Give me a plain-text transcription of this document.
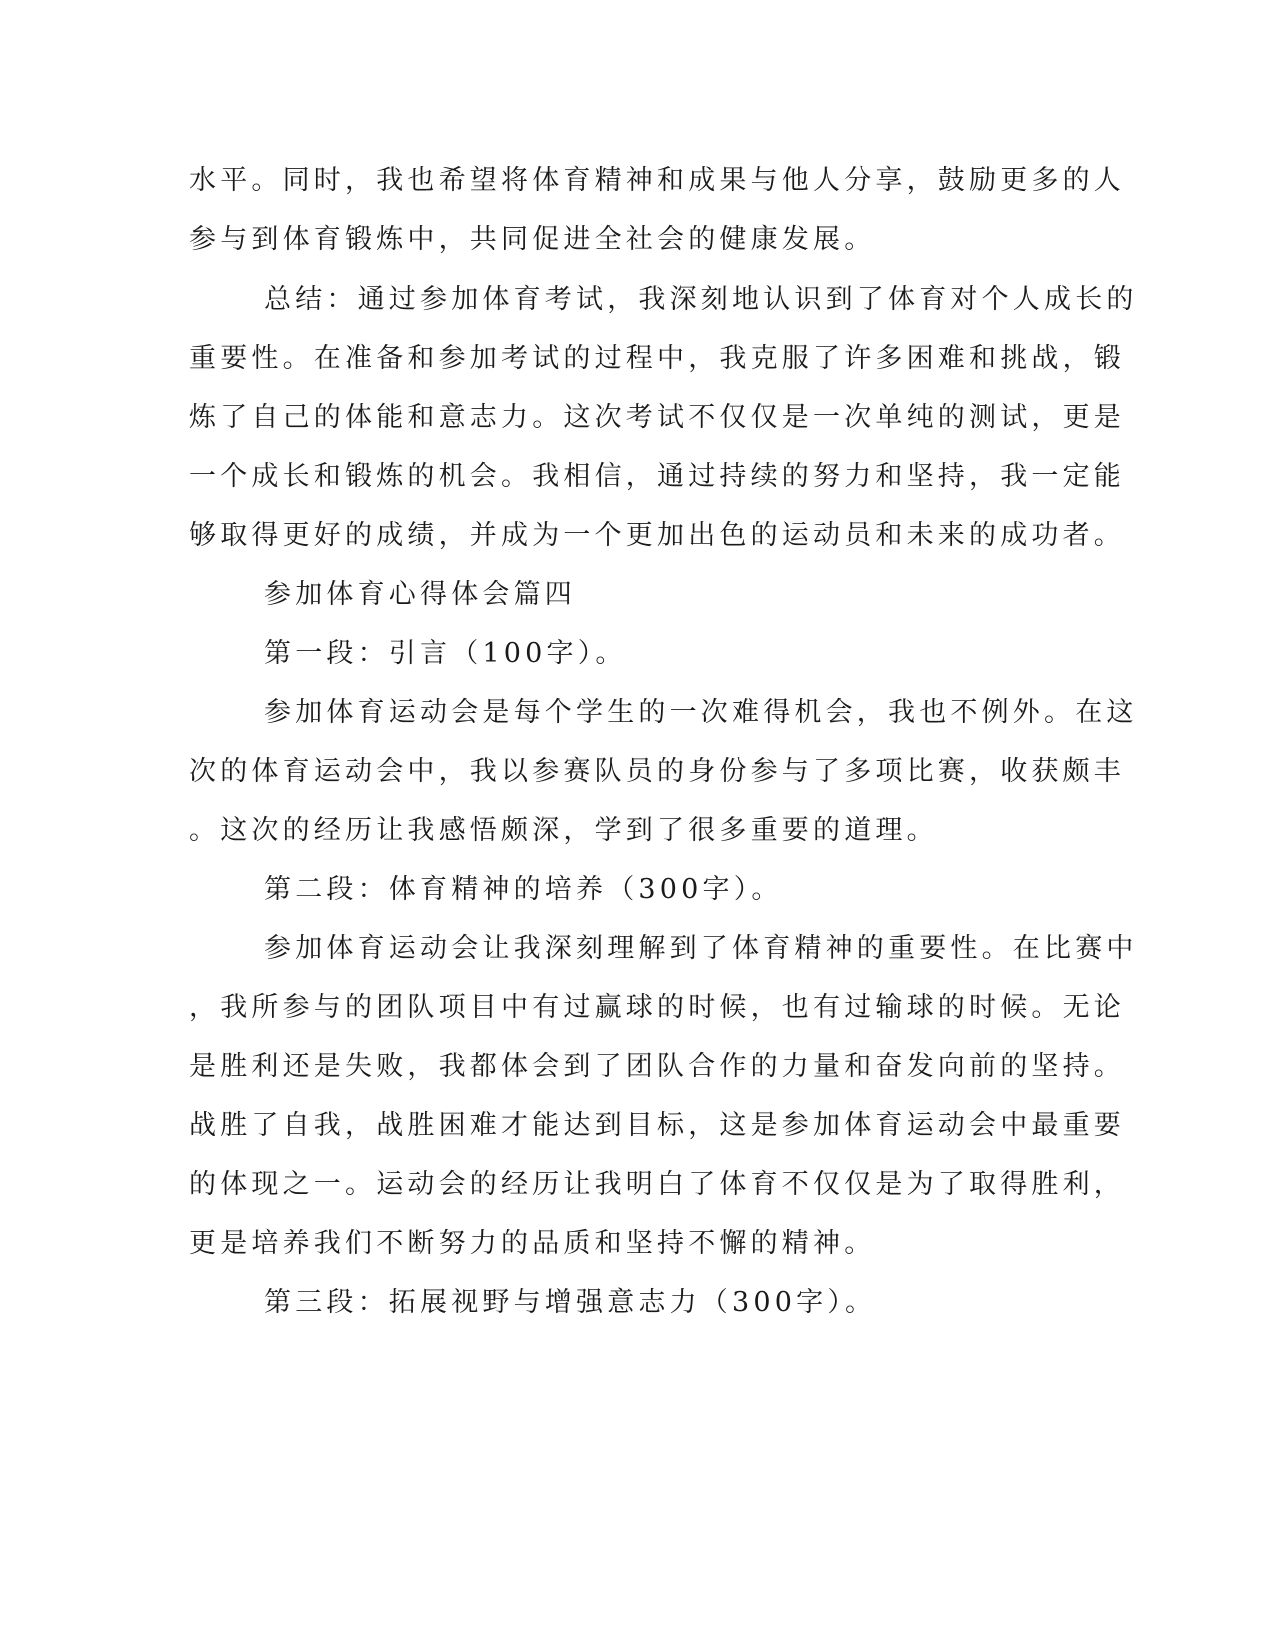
水平。同时，我也希望将体育精神和成果与他人分享，鼓励更多的人
参与到体育锻炼中，共同促进全社会的健康发展。
总结：通过参加体育考试，我深刻地认识到了体育对个人成长的
重要性。在准备和参加考试的过程中，我克服了许多困难和挑战，锻
炼了自己的体能和意志力。这次考试不仅仅是一次单纯的测试，更是
一个成长和锻炼的机会。我相信，通过持续的努力和坚持，我一定能
够取得更好的成绩，并成为一个更加出色的运动员和未来的成功者。
参加体育心得体会篇四
第一段：引言（100字）。
参加体育运动会是每个学生的一次难得机会，我也不例外。在这
次的体育运动会中，我以参赛队员的身份参与了多项比赛，收获颇丰
。这次的经历让我感悟颇深，学到了很多重要的道理。
第二段：体育精神的培养（300字）。
参加体育运动会让我深刻理解到了体育精神的重要性。在比赛中
，我所参与的团队项目中有过赢球的时候，也有过输球的时候。无论
是胜利还是失败，我都体会到了团队合作的力量和奋发向前的坚持。
战胜了自我，战胜困难才能达到目标，这是参加体育运动会中最重要
的体现之一。运动会的经历让我明白了体育不仅仅是为了取得胜利，
更是培养我们不断努力的品质和坚持不懈的精神。
第三段：拓展视野与增强意志力（300字）。
